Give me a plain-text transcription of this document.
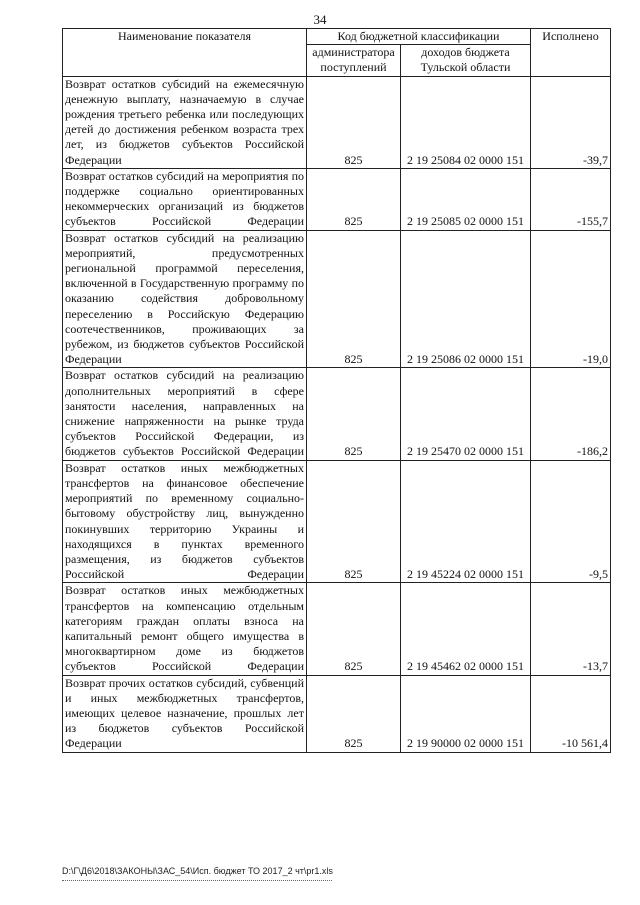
34
Наименование показателя	Код бюджетной классификации		Исполнено
	администратора поступлений	доходов бюджета Тульской области	
Возврат остатков субсидий на ежемесячную денежную выплату, назначаемую в случае рождения третьего ребенка или последующих детей до достижения ребенком возраста трех лет, из бюджетов субъектов Российской Федерации	825	2 19 25084 02 0000 151	-39,7
Возврат остатков субсидий на мероприятия по поддержке социально ориентированных некоммерческих организаций из бюджетов субъектов Российской Федерации	825	2 19 25085 02 0000 151	-155,7
Возврат остатков субсидий на реализацию мероприятий, предусмотренных региональной программой переселения, включенной в Государственную программу по оказанию содействия добровольному переселению в Российскую Федерацию соотечественников, проживающих за рубежом, из бюджетов субъектов Российской Федерации	825	2 19 25086 02 0000 151	-19,0
Возврат остатков субсидий на реализацию дополнительных мероприятий в сфере занятости населения, направленных на снижение напряженности на рынке труда субъектов Российской Федерации, из бюджетов субъектов Российской Федерации	825	2 19 25470 02 0000 151	-186,2
Возврат остатков иных межбюджетных трансфертов на финансовое обеспечение мероприятий по временному социально-бытовому обустройству лиц, вынужденно покинувших территорию Украины и находящихся в пунктах временного размещения, из бюджетов субъектов Российской Федерации	825	2 19 45224 02 0000 151	-9,5
Возврат остатков иных межбюджетных трансфертов на компенсацию отдельным категориям граждан оплаты взноса на капитальный ремонт общего имущества в многоквартирном доме из бюджетов субъектов Российской Федерации	825	2 19 45462 02 0000 151	-13,7
Возврат прочих остатков субсидий, субвенций и иных межбюджетных трансфертов, имеющих целевое назначение, прошлых лет из бюджетов субъектов Российской Федерации	825	2 19 90000 02 0000 151	-10 561,4
D:\Г\Д6\2018\ЗАКОНЫ\ЗАС_54\Исп. бюджет ТО 2017_2 чт\pr1.xls
